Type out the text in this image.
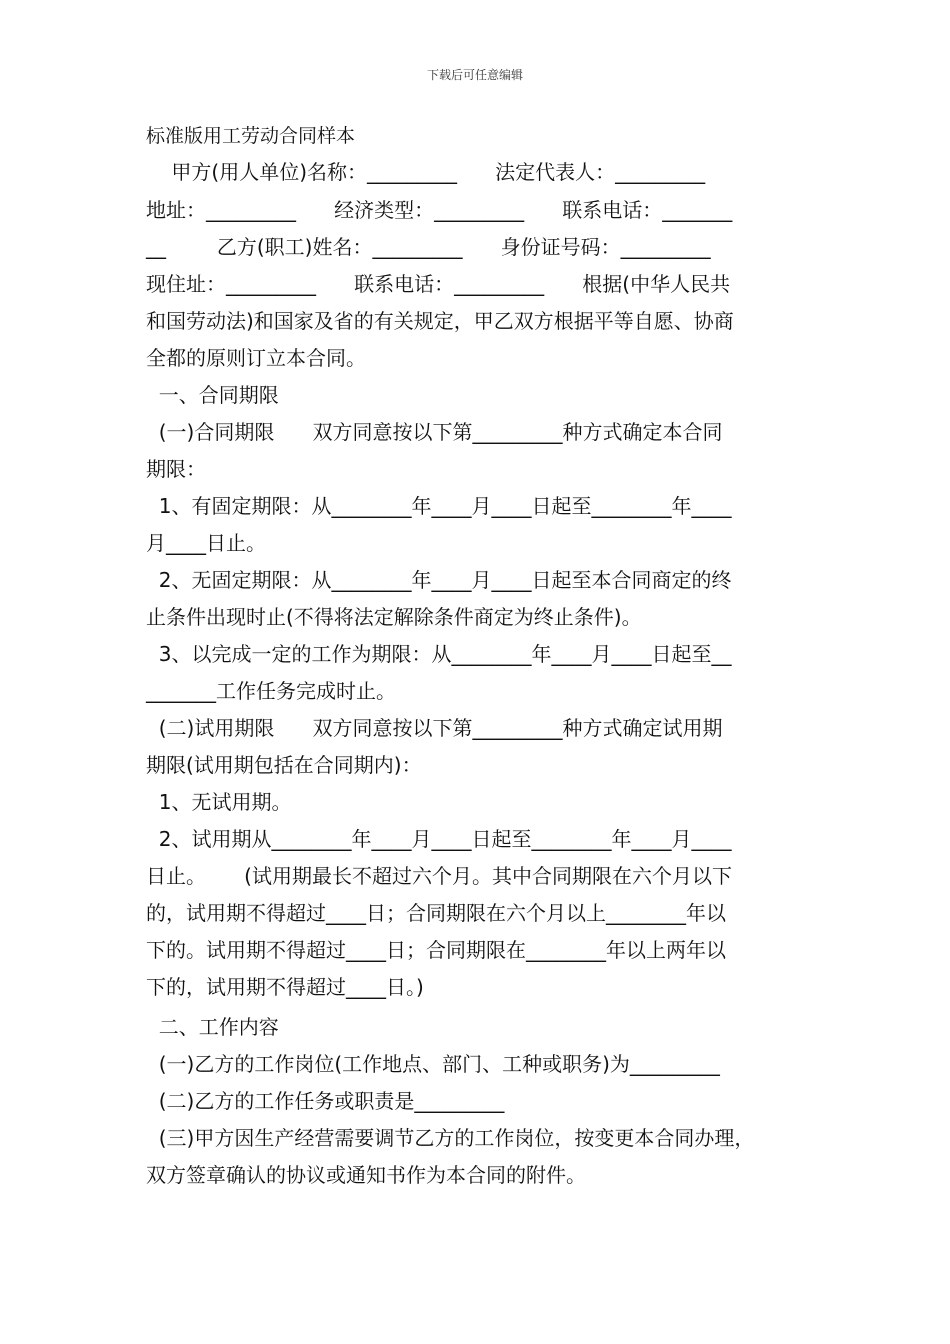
下载后可任意编辑
标准版用工劳动合同样本
甲方(用人单位)名称：_________      法定代表人：_________
地址：_________      经济类型：_________      联系电话：_______
__        乙方(职工)姓名：_________      身份证号码：_________
现住址：_________      联系电话：_________      根据(中华人民共
和国劳动法)和国家及省的有关规定，甲乙双方根据平等自愿、协商
全都的原则订立本合同。
一、合同期限
(一)合同期限      双方同意按以下第_________种方式确定本合同
期限：
1、有固定期限：从________年____月____日起至________年____
月____日止。
2、无固定期限：从________年____月____日起至本合同商定的终
止条件出现时止(不得将法定解除条件商定为终止条件)。
3、以完成一定的工作为期限：从________年____月____日起至__
_______工作任务完成时止。
(二)试用期限      双方同意按以下第_________种方式确定试用期
期限(试用期包括在合同期内)：
1、无试用期。
2、试用期从________年____月____日起至________年____月____
日止。      (试用期最长不超过六个月。其中合同期限在六个月以下
的，试用期不得超过____日；合同期限在六个月以上________年以
下的。试用期不得超过____日；合同期限在________年以上两年以
下的，试用期不得超过____日。)
二、工作内容
(一)乙方的工作岗位(工作地点、部门、工种或职务)为_________
(二)乙方的工作任务或职责是_________
(三)甲方因生产经营需要调节乙方的工作岗位，按变更本合同办理，
双方签章确认的协议或通知书作为本合同的附件。
